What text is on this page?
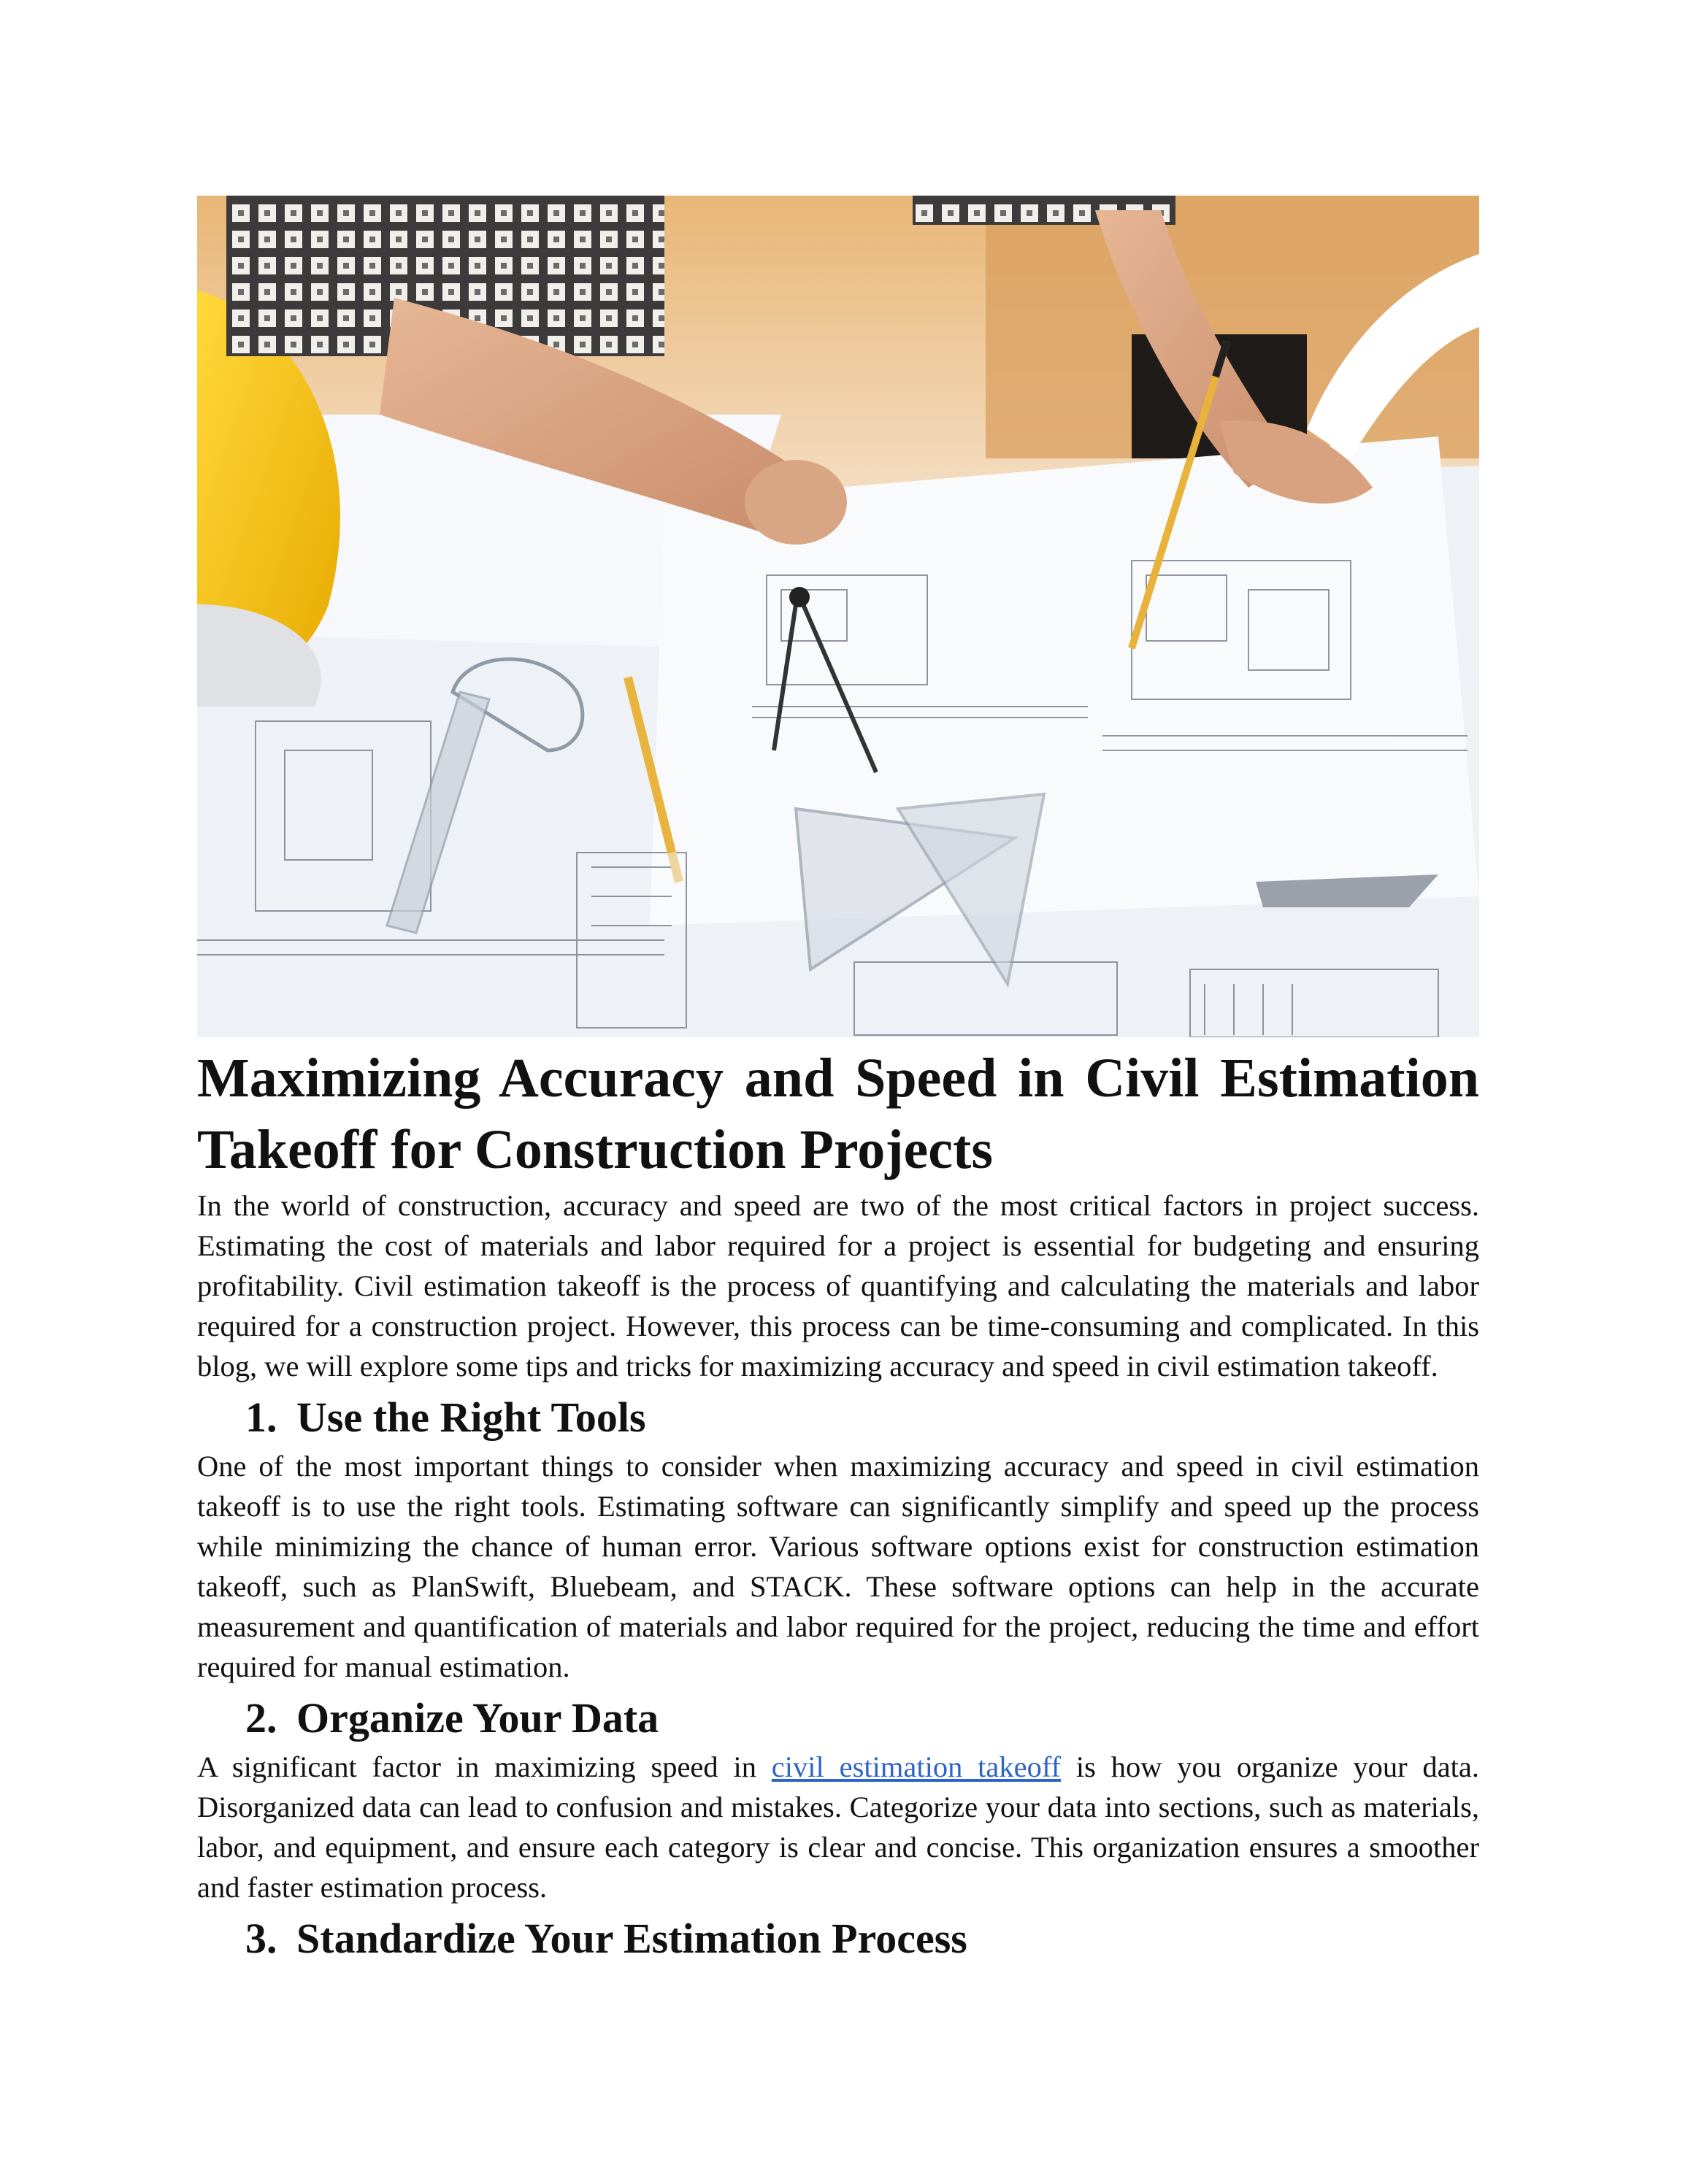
Maximizing Accuracy and Speed in Civil Estimation
Takeoff for Construction Projects

In the world of construction, accuracy and speed are two of the most critical factors in project success. Estimating the cost of materials and labor required for a project is essential for budgeting and ensuring profitability. Civil estimation takeoff is the process of quantifying and calculating the materials and labor required for a construction project. However, this process can be time-consuming and complicated. In this blog, we will explore some tips and tricks for maximizing accuracy and speed in civil estimation takeoff.

1. Use the Right Tools

One of the most important things to consider when maximizing accuracy and speed in civil estimation takeoff is to use the right tools. Estimating software can significantly simplify and speed up the process while minimizing the chance of human error. Various software options exist for construction estimation takeoff, such as PlanSwift, Bluebeam, and STACK. These software options can help in the accurate measurement and quantification of materials and labor required for the project, reducing the time and effort required for manual estimation.

2. Organize Your Data

A significant factor in maximizing speed in civil estimation takeoff is how you organize your data. Disorganized data can lead to confusion and mistakes. Categorize your data into sections, such as materials, labor, and equipment, and ensure each category is clear and concise. This organization ensures a smoother and faster estimation process.

3. Standardize Your Estimation Process
